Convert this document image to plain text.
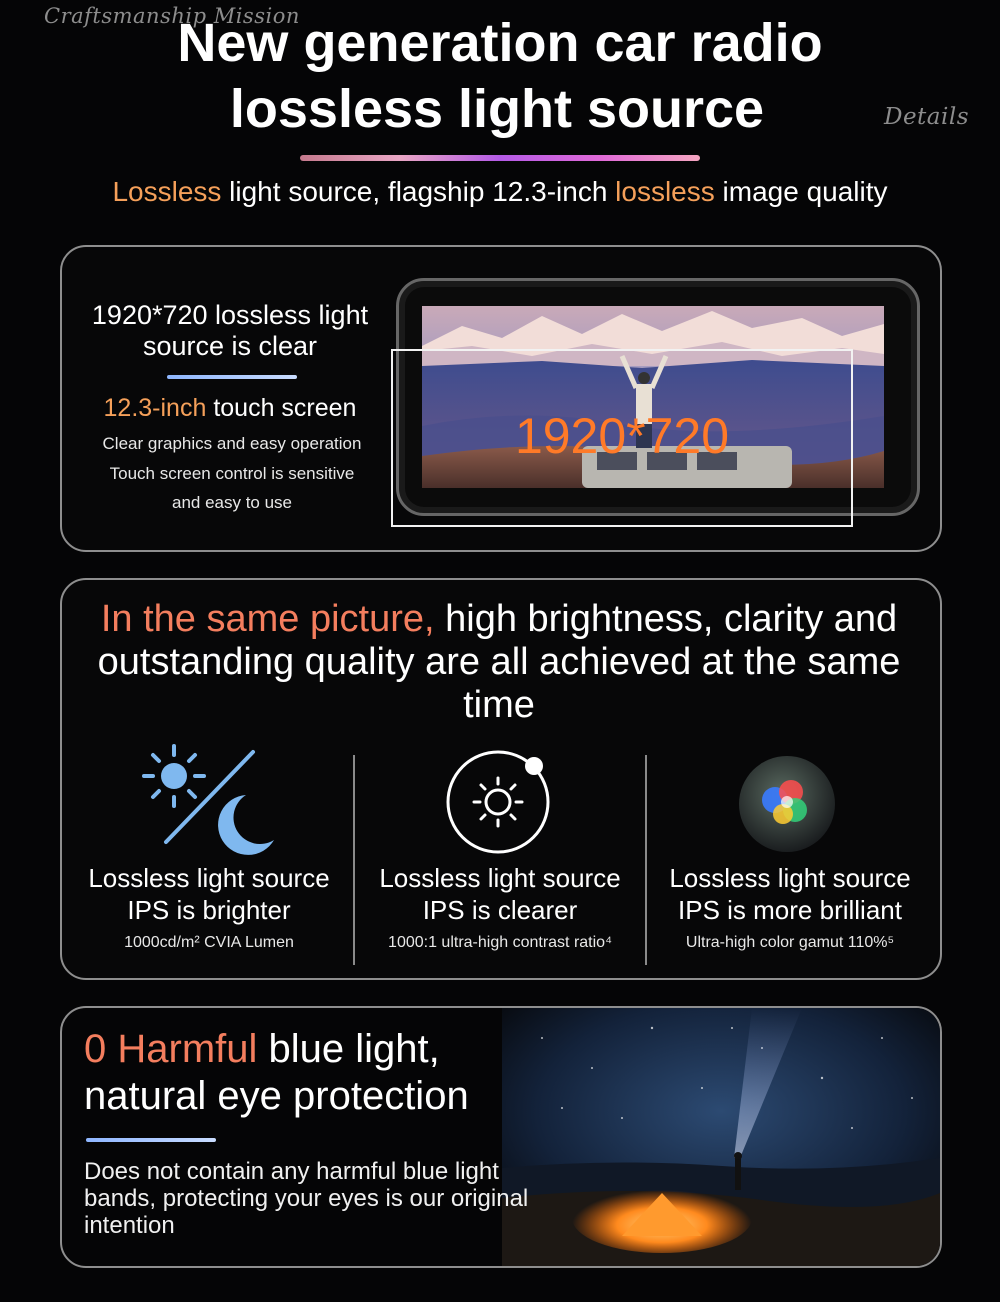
Craftsmanship Mission
Details
New generation car radio
lossless light source
Lossless light source, flagship 12.3-inch lossless image quality
1920*720 lossless light source is clear
12.3-inch touch screen
Clear graphics and easy operation
Touch screen control is sensitive
and easy to use
1920*720
In the same picture, high brightness, clarity and outstanding quality are all achieved at the same time
Lossless light source IPS is brighter
1000cd/m² CVIA Lumen
Lossless light source IPS is clearer
1000:1 ultra-high contrast ratio⁴
Lossless light source IPS is more brilliant
Ultra-high color gamut 110%⁵
0 Harmful blue light, natural eye protection
Does not contain any harmful blue light bands, protecting your eyes is our original intention
